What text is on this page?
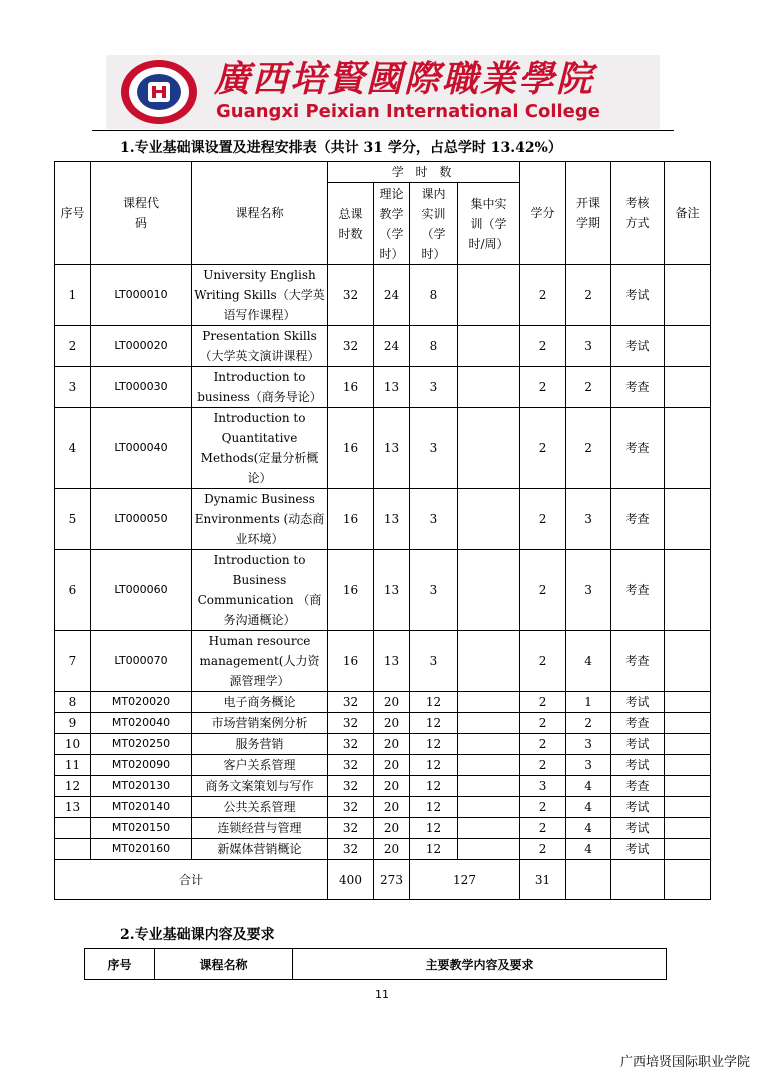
廣西培賢國際職業學院
Guangxi Peixian International College
1.专业基础课设置及进程安排表（共计 31 学分，占总学时 13.42%）
序号	课程代码	课程名称	学 时 数				学分	开课学期	考核方式	备注

			总课时数	理论教学（学时）	课内实训（学时）	集中实训（学时/周）				

1	LT000010	University English Writing Skills（大学英语写作课程）	32	24	8		2	2	考试	
2	LT000020	Presentation Skills（大学英文演讲课程）	32	24	8		2	3	考试	
3	LT000030	Introduction to business（商务导论）	16	13	3		2	2	考查	
4	LT000040	Introduction to Quantitative Methods(定量分析概论）	16	13	3		2	2	考查	
5	LT000050	Dynamic Business Environments (动态商业环境）	16	13	3		2	3	考查	
6	LT000060	Introduction to Business Communication （商务沟通概论）	16	13	3		2	3	考查	
7	LT000070	Human resource management(人力资源管理学）	16	13	3		2	4	考查	
8	MT020020	电子商务概论	32	20	12		2	1	考试	
9	MT020040	市场营销案例分析	32	20	12		2	2	考查	
10	MT020250	服务营销	32	20	12		2	3	考试	
11	MT020090	客户关系管理	32	20	12		2	3	考试	
12	MT020130	商务文案策划与写作	32	20	12		3	4	考查	
13	MT020140	公共关系管理	32	20	12		2	4	考试	
	MT020150	连锁经营与管理	32	20	12		2	4	考试	
	MT020160	新媒体营销概论	32	20	12		2	4	考试	
合计			400	273	127		31			
2.专业基础课内容及要求
序号	课程名称	主要教学内容及要求
11
广西培贤国际职业学院
